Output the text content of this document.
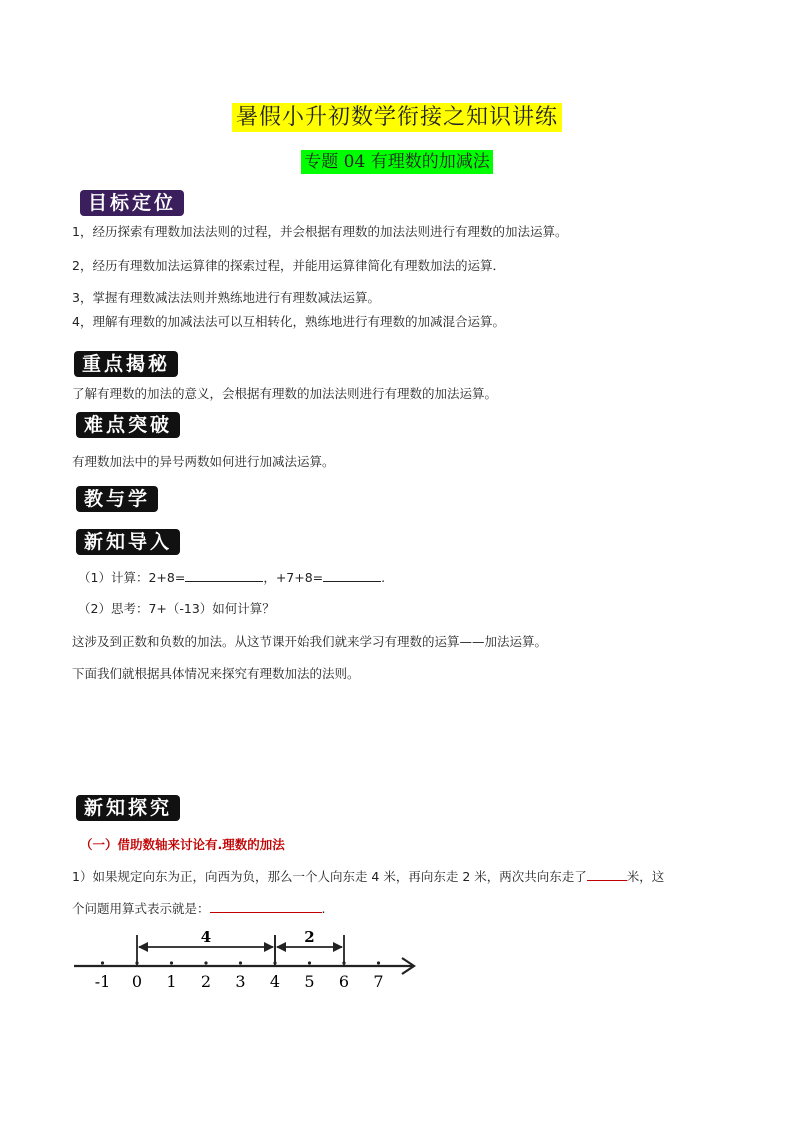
暑假小升初数学衔接之知识讲练
专题 04 有理数的加减法
目标定位
1，经历探索有理数加法法则的过程，并会根据有理数的加法法则进行有理数的加法运算。
2，经历有理数加法运算律的探索过程，并能用运算律简化有理数加法的运算．
3，掌握有理数减法法则并熟练地进行有理数减法运算。
4，理解有理数的加减法法可以互相转化，熟练地进行有理数的加减混合运算。
重点揭秘
了解有理数的加法的意义，会根据有理数的加法法则进行有理数的加法运算。
难点突破
有理数加法中的异号两数如何进行加减法运算。
教与学
新知导入
（1）计算：2+8=	，+7+8=	.
（2）思考：7+（-13）如何计算？
这涉及到正数和负数的加法。从这节课开始我们就来学习有理数的运算——加法运算。
下面我们就根据具体情况来探究有理数加法的法则。
新知探究
（一）借助数轴来讨论有.理数的加法
1）如果规定向东为正，向西为负，那么一个人向东走 4 米，再向东走 2 米，两次共向东走了	米，这
个问题用算式表示就是：	.
-1 0 1 2 3 4 5 6 7
4	2
